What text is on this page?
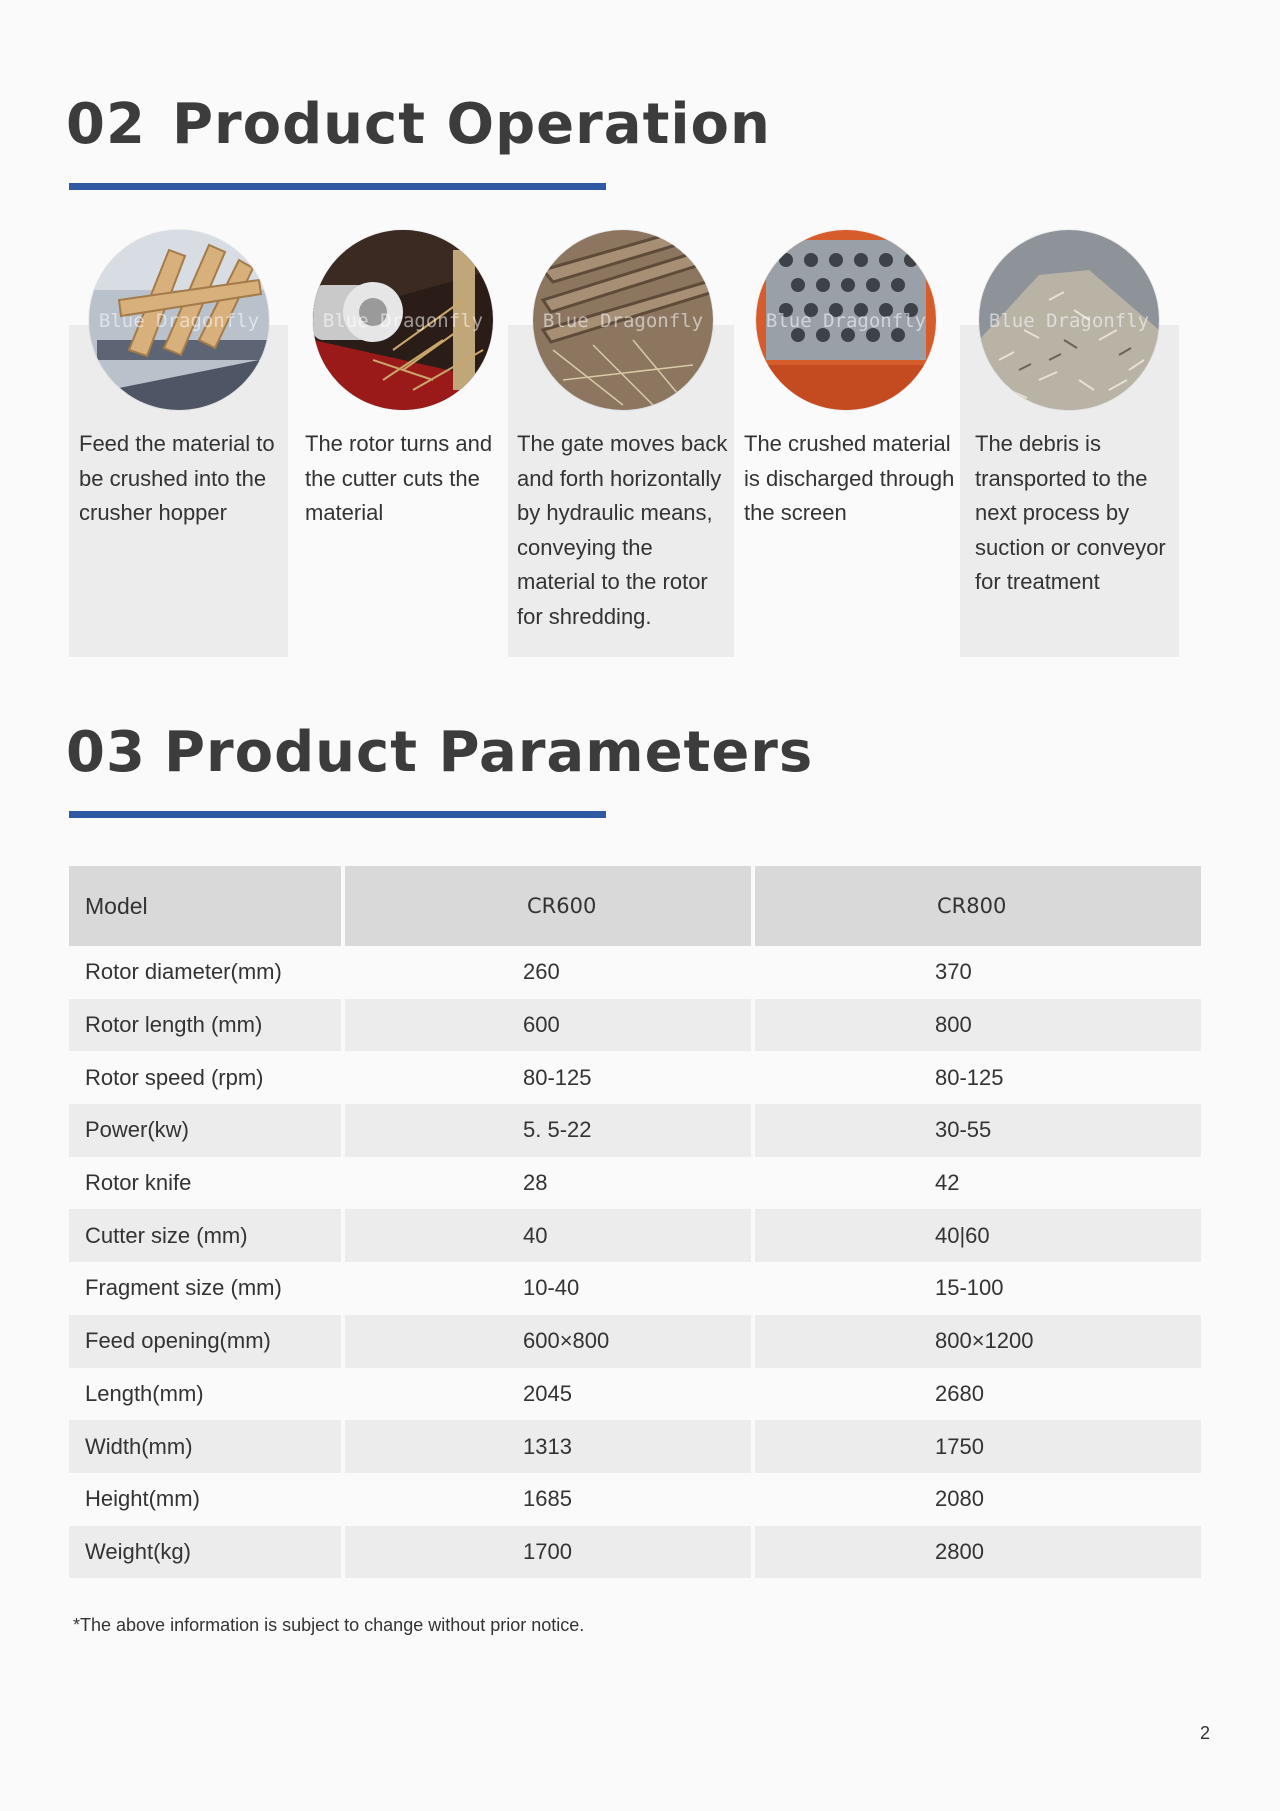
02 Product Operation
Blue Dragonfly	Blue Dragonfly	Blue Dragonfly	Blue Dragonfly	Blue Dragonfly
Feed the material to be crushed into the crusher hopper
The rotor turns and the cutter cuts the material
The gate moves back and forth horizontally by hydraulic means, conveying the material to the rotor for shredding.
The crushed material is discharged through the screen
The debris is transported to the next process by suction or conveyor for treatment
03 Product Parameters
Model	CR600	CR800
Rotor diameter(mm)	260	370
Rotor length (mm)	600	800
Rotor speed (rpm)	80-125	80-125
Power(kw)	5. 5-22	30-55
Rotor knife	28	42
Cutter size (mm)	40	40|60
Fragment size (mm)	10-40	15-100
Feed opening(mm)	600×800	800×1200
Length(mm)	2045	2680
Width(mm)	1313	1750
Height(mm)	1685	2080
Weight(kg)	1700	2800
*The above information is subject to change without prior notice.
2
